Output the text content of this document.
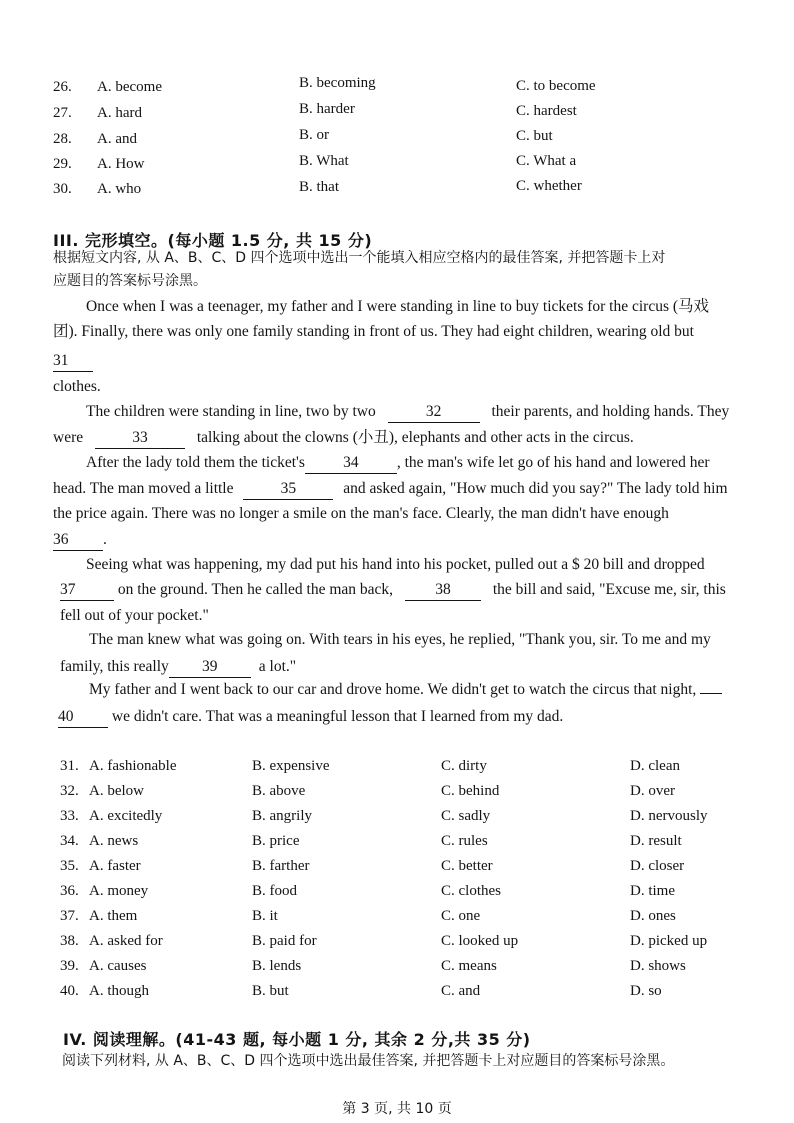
26. A. become	B. becoming	C. to become
27. A. hard	B. harder	C. hardest
28. A. and	B. or	C. but
29. A. How	B. What	C. What a
30. A. who	B. that	C. whether
III. 完形填空。(每小题 1.5 分, 共 15 分)
根据短文内容, 从 A、B、C、D 四个选项中选出一个能填入相应空格内的最佳答案, 并把答题卡上对
应题目的答案标号涂黑。
Once when I was a teenager, my father and I were standing in line to buy tickets for the circus (马戏
团). Finally, there was only one family standing in front of us. They had eight children, wearing old but
31
clothes.
The children were standing in line, two by two	32	their parents, and holding hands. They
were	33	talking about the clowns (小丑), elephants and other acts in the circus.
After the lady told them the ticket's 34 , the man's wife let go of his hand and lowered her
head. The man moved a little	35	and asked again, "How much did you say?" The lady told him
the price again. There was no longer a smile on the man's face. Clearly, the man didn't have enough
36 .
Seeing what was happening, my dad put his hand into his pocket, pulled out a $ 20 bill and dropped
37	on the ground. Then he called the man back,	38	the bill and said, "Excuse me, sir, this
fell out of your pocket."
The man knew what was going on. With tears in his eyes, he replied, "Thank you, sir. To me and my
family, this really 39	a lot."
My father and I went back to our car and drove home. We didn't get to watch the circus that night,
40 we didn't care. That was a meaningful lesson that I learned from my dad.
31. A. fashionable	B. expensive	C. dirty	D. clean
32. A. below	B. above	C. behind	D. over
33. A. excitedly	B. angrily	C. sadly	D. nervously
34. A. news	B. price	C. rules	D. result
35. A. faster	B. farther	C. better	D. closer
36. A. money	B. food	C. clothes	D. time
37. A. them	B. it	C. one	D. ones
38. A. asked for	B. paid for	C. looked up	D. picked up
39. A. causes	B. lends	C. means	D. shows
40. A. though	B. but	C. and	D. so
IV. 阅读理解。(41-43 题, 每小题 1 分, 其余 2 分,共 35 分)
阅读下列材料, 从 A、B、C、D 四个选项中选出最佳答案, 并把答题卡上对应题目的答案标号涂黑。
第 3 页, 共 10 页
